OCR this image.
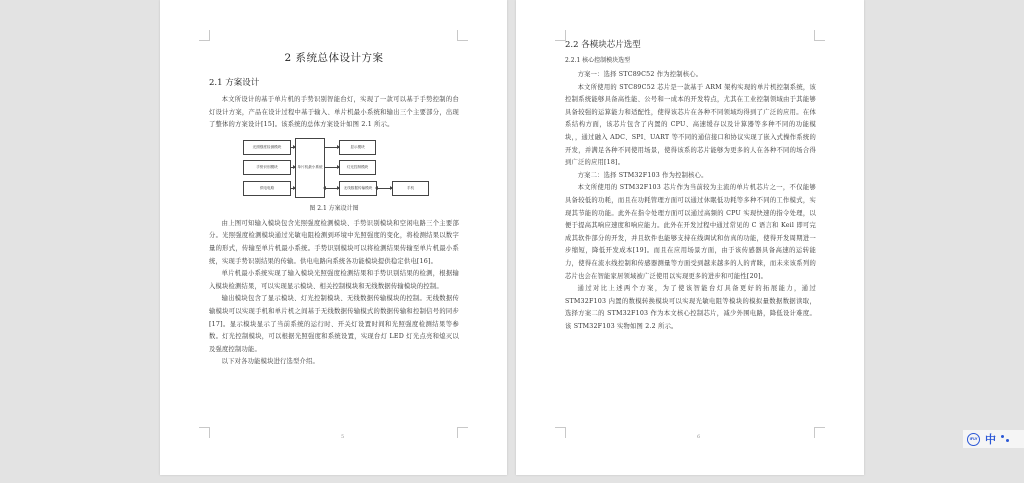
2 系统总体设计方案
2.1 方案设计

本文所设计的基于单片机的手势识别智能台灯，实现了一款可以基于手势控制的台灯设计方案，产品在设计过程中基于输入、单片机最小系统和输出三个主要部分，出现了整体的方案设计[15]。该系统的总体方案设计如图 2.1 所示。

光照强度检测模块
手势识别模块
供电电路
单片机最小系统
显示模块
灯光控制模块
无线数据传输模块	手机
图 2.1 方案设计图

由上图可知输入模块包含光照强度检测模块、手势识别模块和空闲电路三个主要部分。光照强度检测模块通过光敏电阻检测到环境中光照强度的变化，将检测结果以数字量的形式，传输至单片机最小系统。手势识别模块可以将检测结果传输至单片机最小系统，实现手势识别结果的传输。供电电路向系统各功能模块提供稳定供电[16]。

单片机最小系统实现了输入模块光照强度检测结果和手势识别结果的检测，根据输入模块检测结果，可以实现显示模块、相关控制模块和无线数据传输模块的控制。

输出模块包含了显示模块、灯光控制模块、无线数据传输模块的控制。无线数据传输模块可以实现手机和单片机之间基于无线数据传输模式的数据传输和控制信号的同步[17]。显示模块显示了当前系统的运行时、开关灯设置时间和光照强度检测结果等参数。灯光控制模块，可以根据光照强度和系统设置，实现台灯 LED 灯光点亮和熄灭以及强度控制功能。

以下对各功能模块进行选型介绍。

5
2.2 各模块芯片选型
2.2.1 核心控制模块选型

方案一：选择 STC89C52 作为控制核心。

本文所使用的 STC89C52 芯片是一款基于 ARM 架构实现的单片机控制系统，该控制系统能够具备高性能、公号和一成本的开发特点，尤其在工业控制领域由于其能够具备较强的运算能力和适配性，使得该芯片在各种不同领域均得到了广泛的应用。在体系结构方面，该芯片包含了内置的 CPU、高速缓存以及计算器等多种不同的功能模块，，通过融入 ADC、SPI、UART 等不同的通信接口和协议实现了嵌入式操作系统的开发，并满足各种不同使用场景，使得该系的芯片能够为更多的人在各种不同的场合得到广泛的应用[18]。

方案二：选择 STM32F103 作为控制核心。

本文所使用的 STM32F103 芯片作为当前较为主流的单片机芯片之一，不仅能够具备较低的功耗，而且在功耗管理方面可以通过休眠低功耗等多种不同的工作模式，实现其节能的功能。此外在指令处理方面可以通过高频的 CPU 实现快速的指令处理，以便于提高其响应速度和响应能力。此外在开发过程中通过常见的 C 语言和 Keil 即可完成其软件部分的开发，并且软件也能够支持在线调试和仿真的功能，使得开发周期进一步缩短，降低开发成本[19]。而且在应用场景方面，由于该传感器具备高速的运转能力，使得在流水线控制和传感器测量等方面受到越来越多的人的青睐，而未来该系列的芯片也会在智能家居领域被广泛使用以实现更多的进步和可能性[20]。

通过对比上述两个方案，为了使该智能台灯具备更好的拓展能力，通过 STM32F103 内置的数模转换模块可以实现光敏电阻等模块的模拟量数据数据读取，选择方案二的 STM32F103 作为本文核心控制芯片，减少外围电路，降低设计难度。该 STM32F103 实物如图 2.2 所示。

6	iFLY 中
